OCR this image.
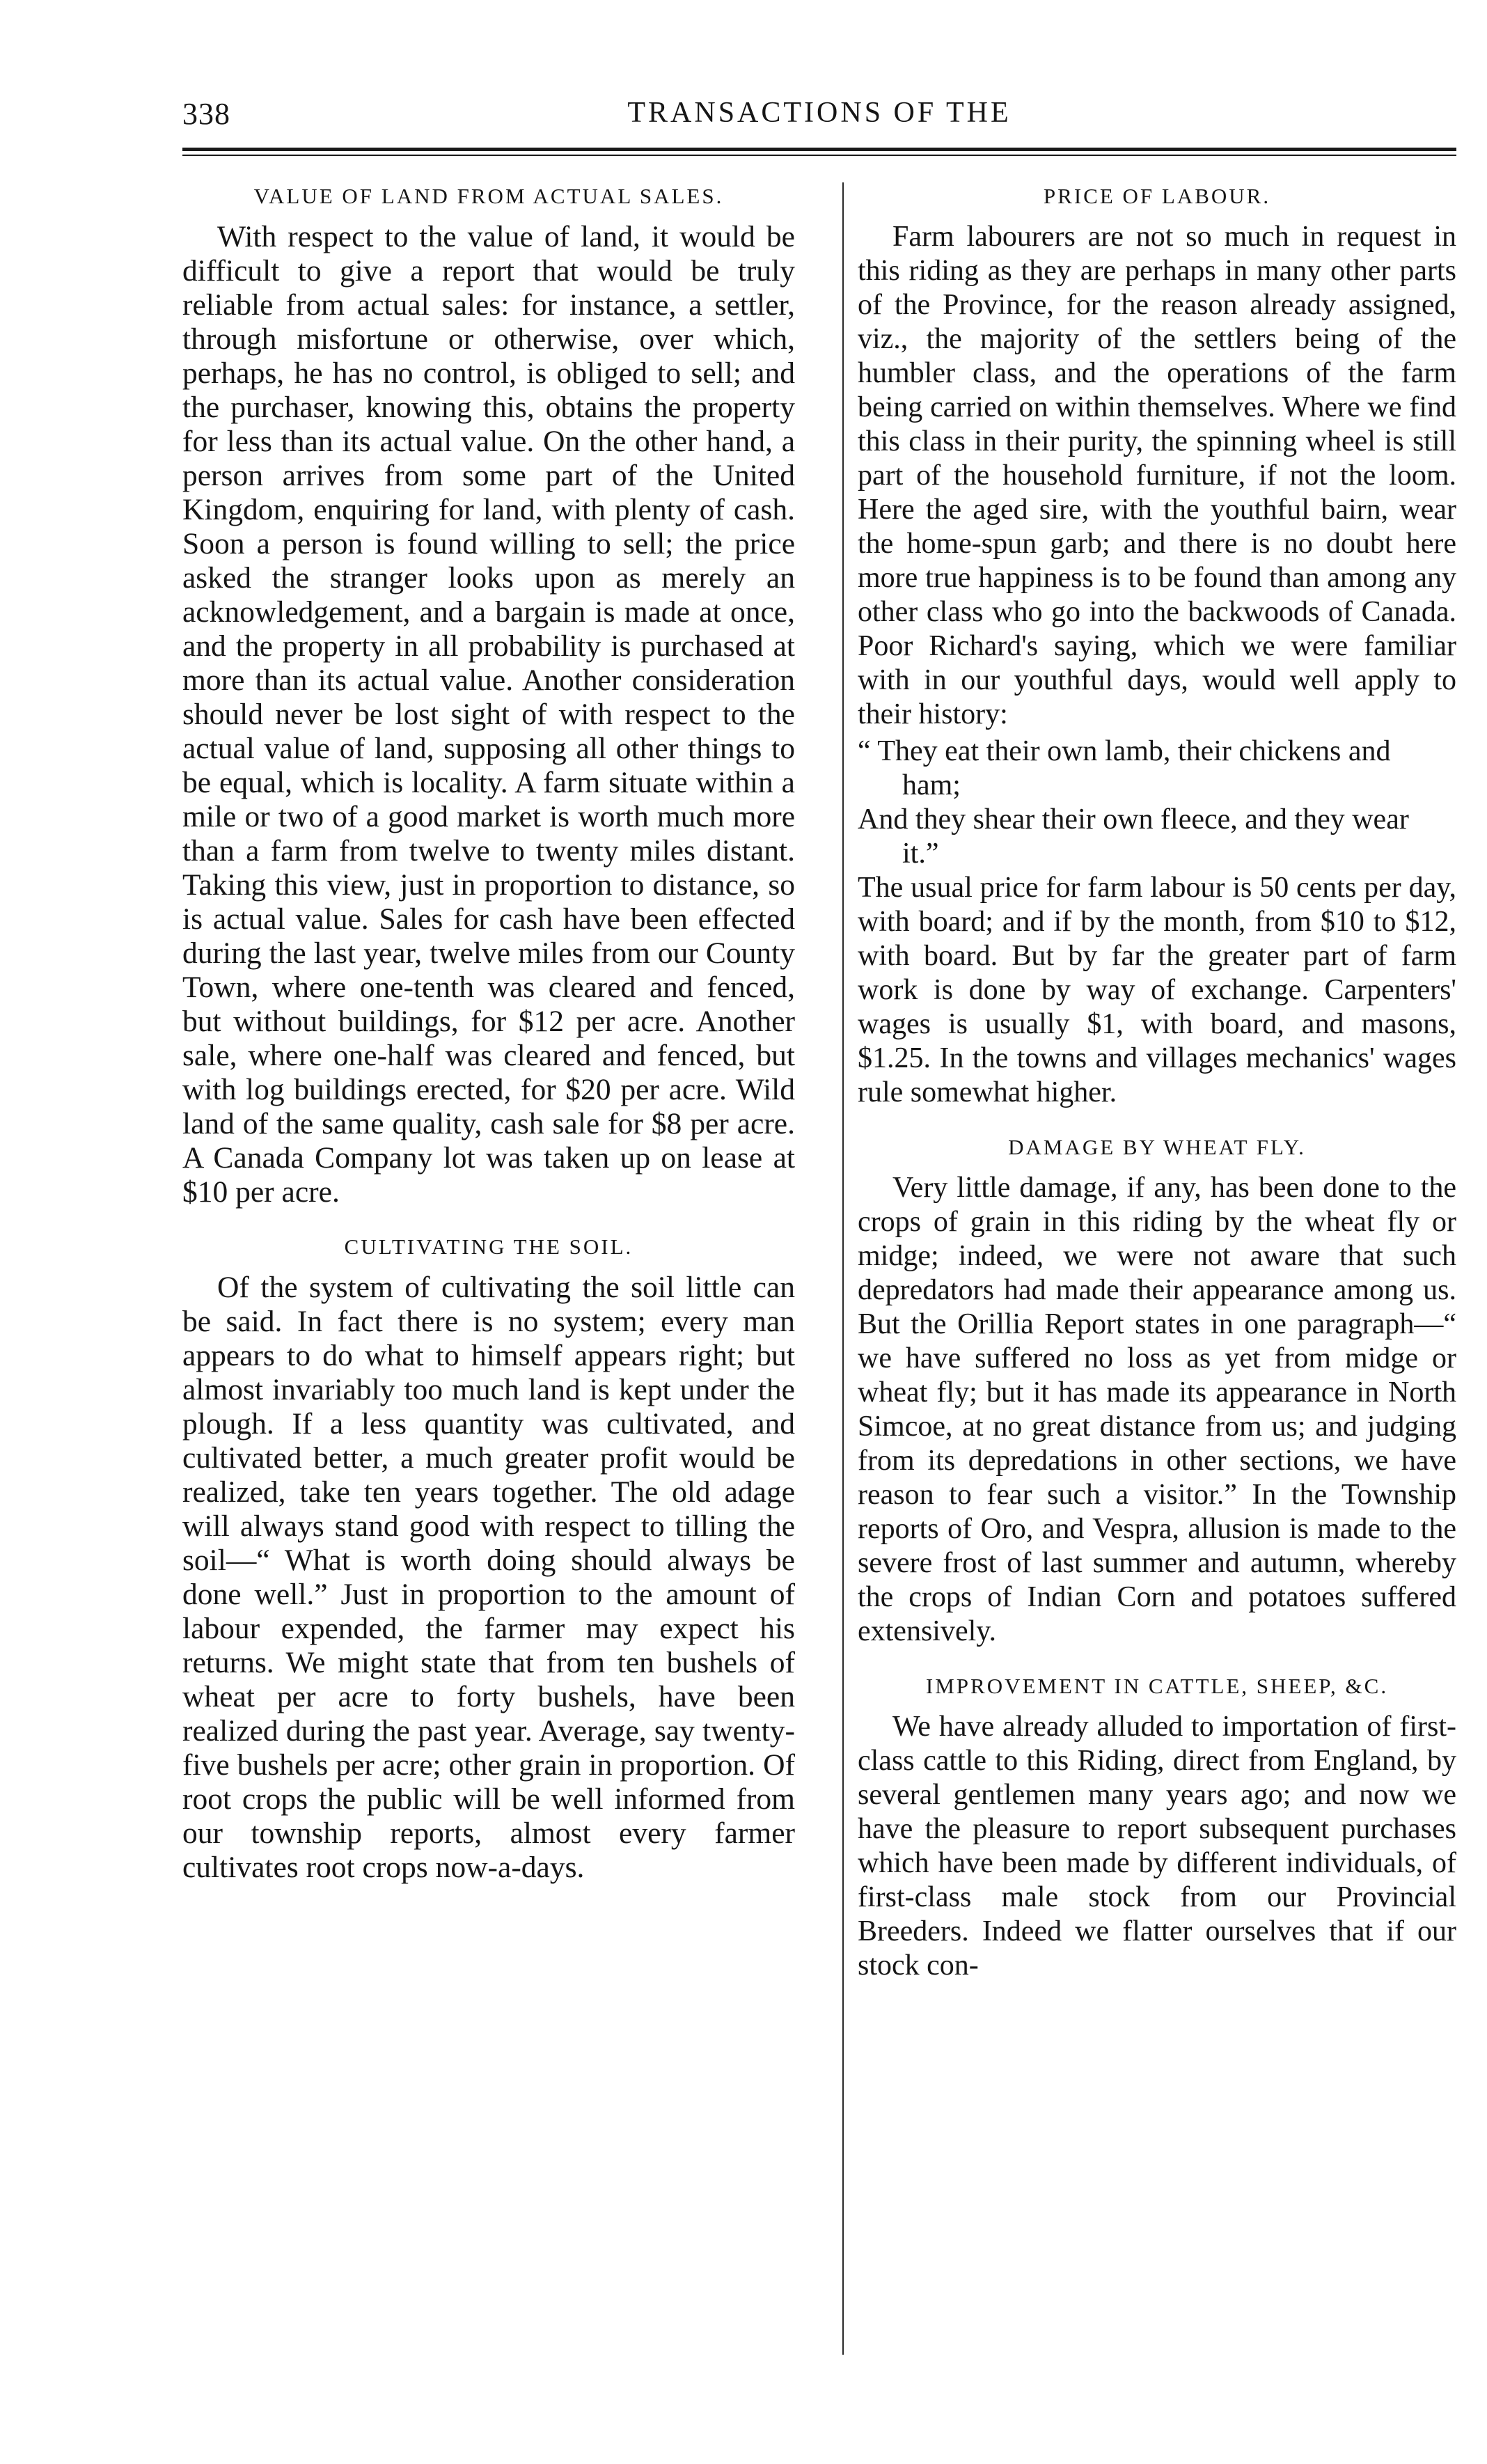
338	TRANSACTIONS OF THE
VALUE OF LAND FROM ACTUAL SALES.

With respect to the value of land, it would be difficult to give a report that would be truly reliable from actual sales: for instance, a settler, through misfortune or otherwise, over which, perhaps, he has no control, is obliged to sell; and the purchaser, knowing this, obtains the property for less than its actual value. On the other hand, a person arrives from some part of the United Kingdom, enquiring for land, with plenty of cash. Soon a person is found willing to sell; the price asked the stranger looks upon as merely an acknowledgement, and a bargain is made at once, and the property in all probability is purchased at more than its actual value. Another consideration should never be lost sight of with respect to the actual value of land, supposing all other things to be equal, which is locality. A farm situate within a mile or two of a good market is worth much more than a farm from twelve to twenty miles distant. Taking this view, just in proportion to distance, so is actual value. Sales for cash have been effected during the last year, twelve miles from our County Town, where one-tenth was cleared and fenced, but without buildings, for $12 per acre. Another sale, where one-half was cleared and fenced, but with log buildings erected, for $20 per acre. Wild land of the same quality, cash sale for $8 per acre. A Canada Company lot was taken up on lease at $10 per acre.

CULTIVATING THE SOIL.

Of the system of cultivating the soil little can be said. In fact there is no system; every man appears to do what to himself appears right; but almost invariably too much land is kept under the plough. If a less quantity was cultivated, and cultivated better, a much greater profit would be realized, take ten years together. The old adage will always stand good with respect to tilling the soil—“ What is worth doing should always be done well.” Just in proportion to the amount of labour expended, the farmer may expect his returns. We might state that from ten bushels of wheat per acre to forty bushels, have been realized during the past year. Average, say twenty-five bushels per acre; other grain in proportion. Of root crops the public will be well informed from our township reports, almost every farmer cultivates root crops now-a-days.

PRICE OF LABOUR.

Farm labourers are not so much in request in this riding as they are perhaps in many other parts of the Province, for the reason already assigned, viz., the majority of the settlers being of the humbler class, and the operations of the farm being carried on within themselves. Where we find this class in their purity, the spinning wheel is still part of the household furniture, if not the loom. Here the aged sire, with the youthful bairn, wear the home-spun garb; and there is no doubt here more true happiness is to be found than among any other class who go into the backwoods of Canada. Poor Richard's saying, which we were familiar with in our youthful days, would well apply to their history:

“ They eat their own lamb, their chickens and
ham;
And they shear their own fleece, and they wear
it.”

The usual price for farm labour is 50 cents per day, with board; and if by the month, from $10 to $12, with board. But by far the greater part of farm work is done by way of exchange. Carpenters' wages is usually $1, with board, and masons, $1.25. In the towns and villages mechanics' wages rule somewhat higher.

DAMAGE BY WHEAT FLY.

Very little damage, if any, has been done to the crops of grain in this riding by the wheat fly or midge; indeed, we were not aware that such depredators had made their appearance among us. But the Orillia Report states in one paragraph—“ we have suffered no loss as yet from midge or wheat fly; but it has made its appearance in North Simcoe, at no great distance from us; and judging from its depredations in other sections, we have reason to fear such a visitor.” In the Township reports of Oro, and Vespra, allusion is made to the severe frost of last summer and autumn, whereby the crops of Indian Corn and potatoes suffered extensively.

IMPROVEMENT IN CATTLE, SHEEP, &C.

We have already alluded to importation of first-class cattle to this Riding, direct from England, by several gentlemen many years ago; and now we have the pleasure to report subsequent purchases which have been made by different individuals, of first-class male stock from our Provincial Breeders. Indeed we flatter ourselves that if our stock con-
